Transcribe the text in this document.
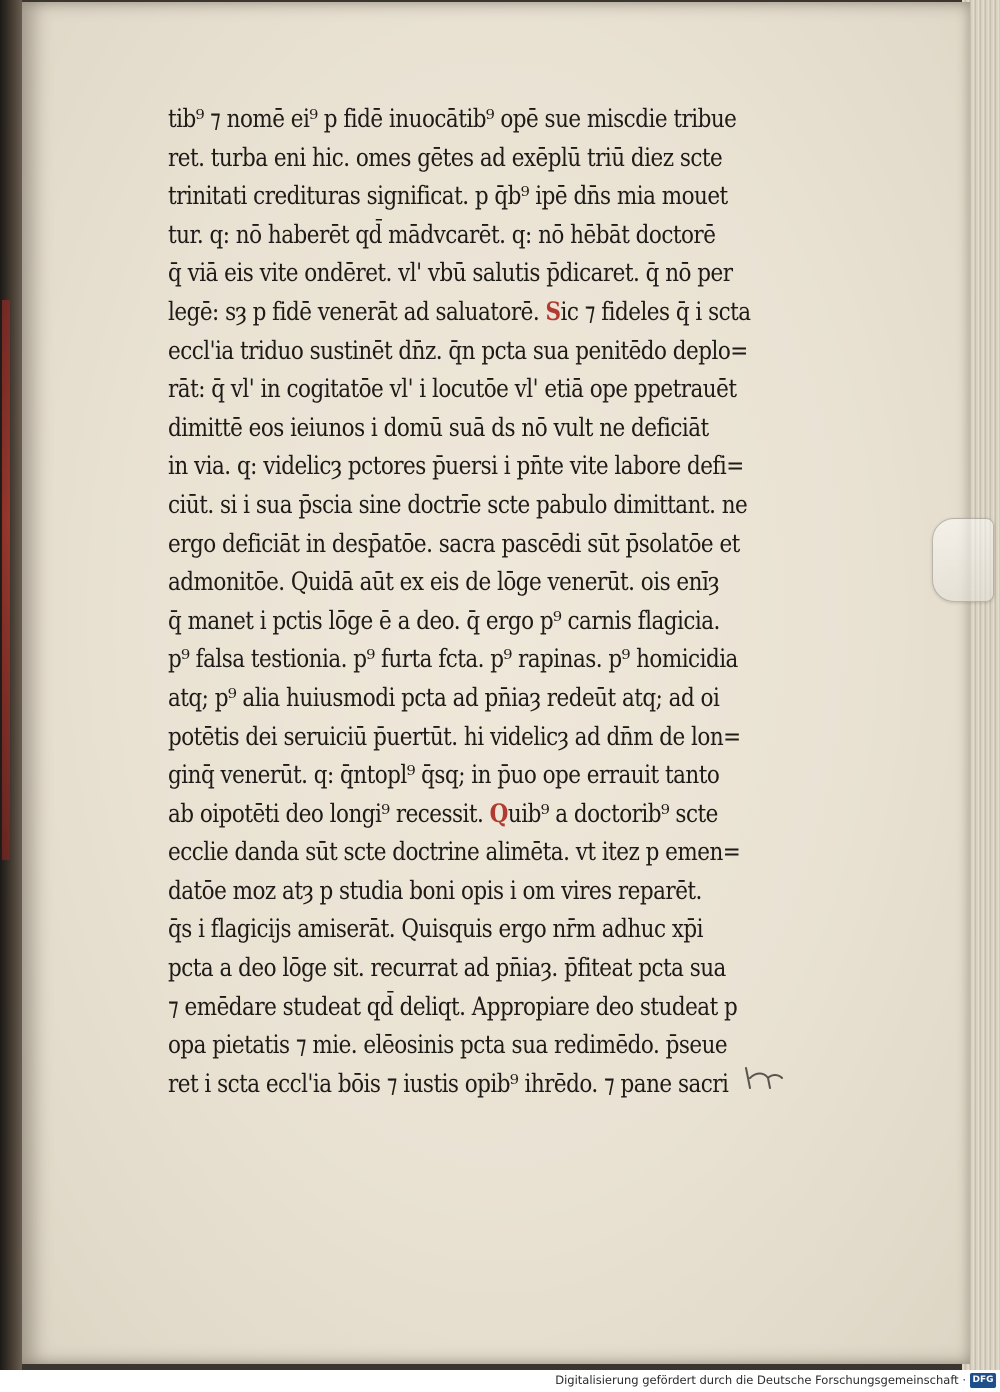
tib⁹ ⁊ nomē ei⁹ p fidē inuocātib⁹ opē sue miscdie tribue
ret. turba eni hic. omes gētes ad exēplū triū diez scte
trinitati credituras significat. p q̄b⁹ ipē dn̄s mia mouet
tur. q: nō haberēt qd̄ mādvcarēt. q: nō hēbāt doctorē
q̄ viā eis vite ondēret. vl' vbū salutis p̄dicaret. q̄ nō per
legē: sȝ p fidē venerāt ad saluatorē. Sic ⁊ fideles q̄ i scta
eccl'ia triduo sustinēt dn̄z. q̄n pcta sua penitēdo deplo=
rāt: q̄ vl' in cogitatōe vl' i locutōe vl' etiā ope ppetrauēt
dimittē eos ieiunos i domū suā ds nō vult ne deficiāt
in via. q: videlicȝ pctores p̄uersi i pn̄te vite labore defi=
ciūt. si i sua p̄scia sine doctrīe scte pabulo dimittant. ne
ergo deficiāt in desp̄atōe. sacra pascēdi sūt p̄solatōe et
admonitōe. Quidā aūt ex eis de lōge venerūt. ois enīȝ
q̄ manet i pctis lōge ē a deo. q̄ ergo p⁹ carnis flagicia.
p⁹ falsa testionia. p⁹ furta fcta. p⁹ rapinas. p⁹ homicidia
atq; p⁹ alia huiusmodi pcta ad pn̄iaȝ redeūt atq; ad oi
potētis dei seruiciū p̄uertūt. hi videlicȝ ad dn̄m de lon=
ginq̄ venerūt. q: q̄ntopl⁹ q̄sq; in p̄uo ope errauit tanto
ab oipotēti deo longi⁹ recessit. Quib⁹ a doctorib⁹ scte
ecclie danda sūt scte doctrine alimēta. vt itez p emen=
datōe moz atȝ p studia boni opis i om vires reparēt.
q̄s i flagicijs amiserāt. Quisquis ergo nr̄m adhuc xp̄i
pcta a deo lōge sit. recurrat ad pn̄iaȝ. p̄fiteat pcta sua
⁊ emēdare studeat qd̄ deliqt. Appropiare deo studeat p
opa pietatis ⁊ mie. elēosinis pcta sua redimēdo. p̄seue
ret i scta eccl'ia bōis ⁊ iustis opib⁹ ihrēdo. ⁊ pane sacri
Digitalisierung gefördert durch die Deutsche Forschungsgemeinschaft · DFG
